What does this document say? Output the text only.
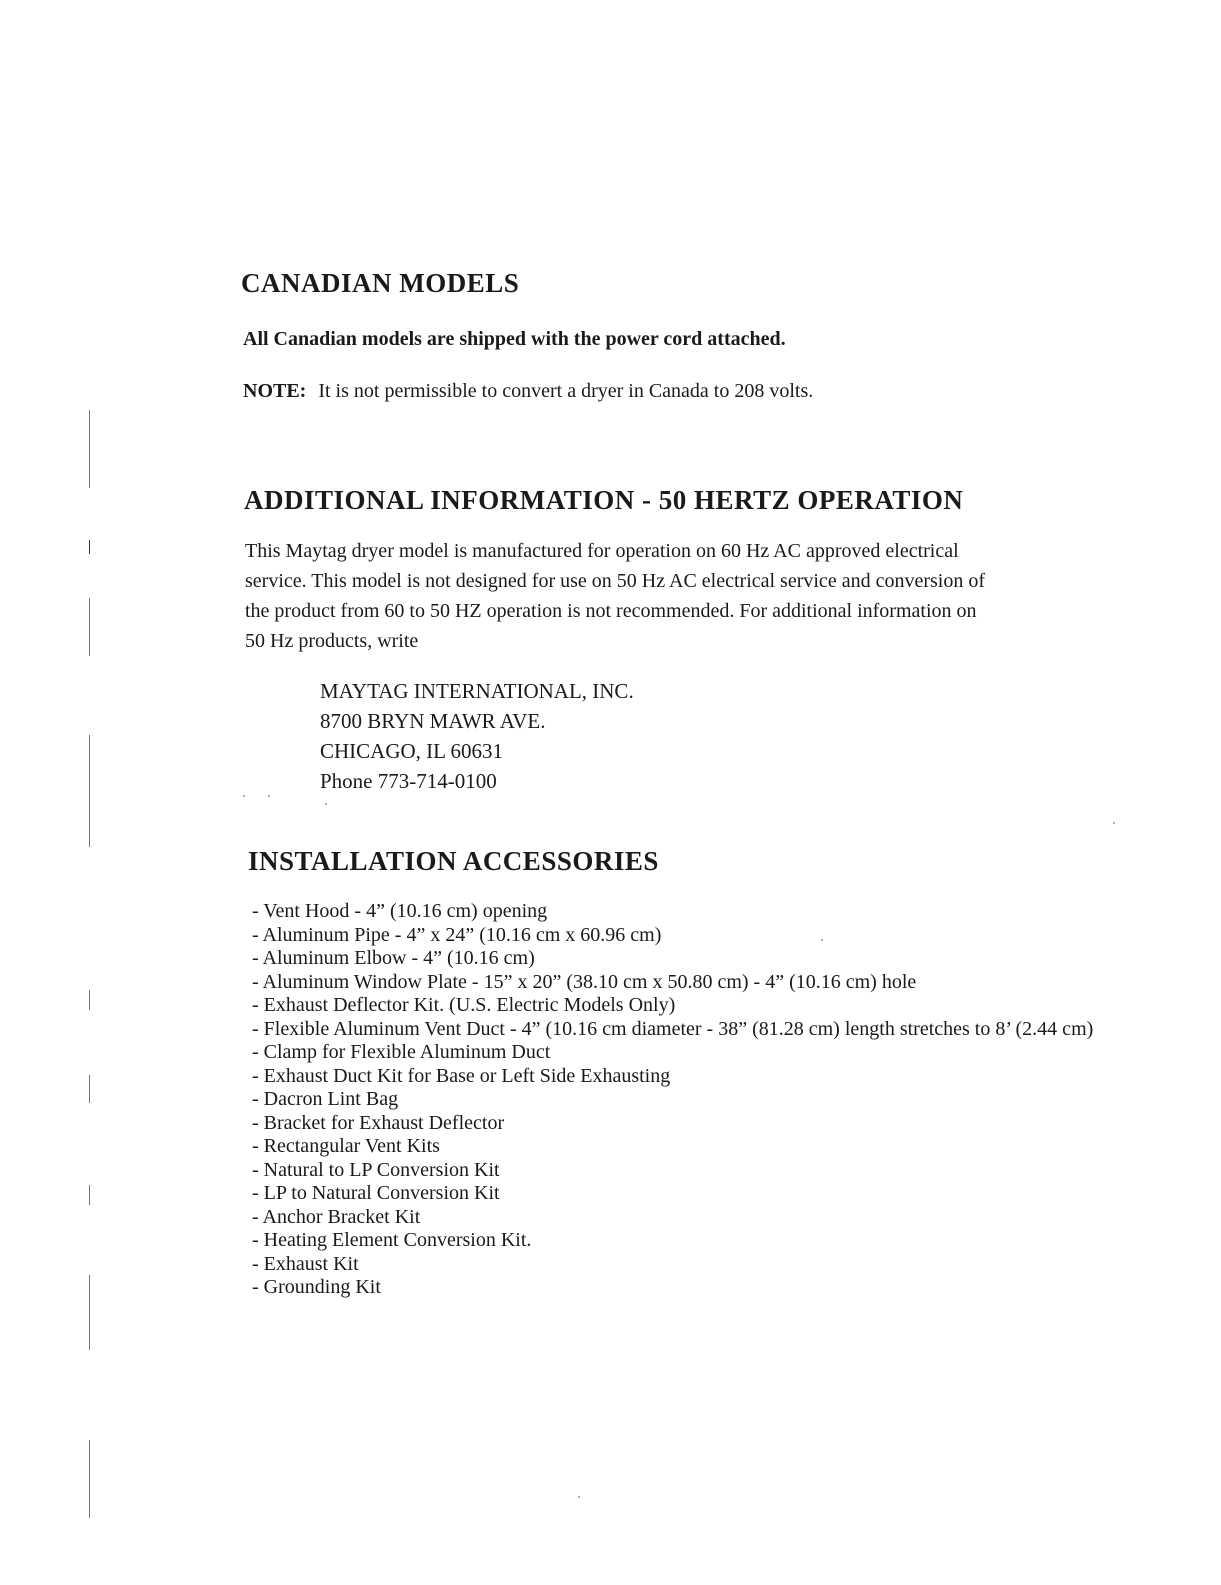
CANADIAN MODELS

All Canadian models are shipped with the power cord attached.

NOTE: It is not permissible to convert a dryer in Canada to 208 volts.

ADDITIONAL INFORMATION - 50 HERTZ OPERATION
This Maytag dryer model is manufactured for operation on 60 Hz AC approved electrical
service. This model is not designed for use on 50 Hz AC electrical service and conversion of
the product from 60 to 50 HZ operation is not recommended. For additional information on
50 Hz products, write
MAYTAG INTERNATIONAL, INC.
8700 BRYN MAWR AVE.
CHICAGO, IL 60631
Phone 773-714-0100
INSTALLATION ACCESSORIES
- Vent Hood - 4” (10.16 cm) opening
- Aluminum Pipe - 4” x 24” (10.16 cm x 60.96 cm)
- Aluminum Elbow - 4” (10.16 cm)
- Aluminum Window Plate - 15” x 20” (38.10 cm x 50.80 cm) - 4” (10.16 cm) hole
- Exhaust Deflector Kit. (U.S. Electric Models Only)
- Flexible Aluminum Vent Duct - 4” (10.16 cm diameter - 38” (81.28 cm) length stretches to 8’ (2.44 cm)
- Clamp for Flexible Aluminum Duct
- Exhaust Duct Kit for Base or Left Side Exhausting
- Dacron Lint Bag
- Bracket for Exhaust Deflector
- Rectangular Vent Kits
- Natural to LP Conversion Kit
- LP to Natural Conversion Kit
- Anchor Bracket Kit
- Heating Element Conversion Kit.
- Exhaust Kit
- Grounding Kit
